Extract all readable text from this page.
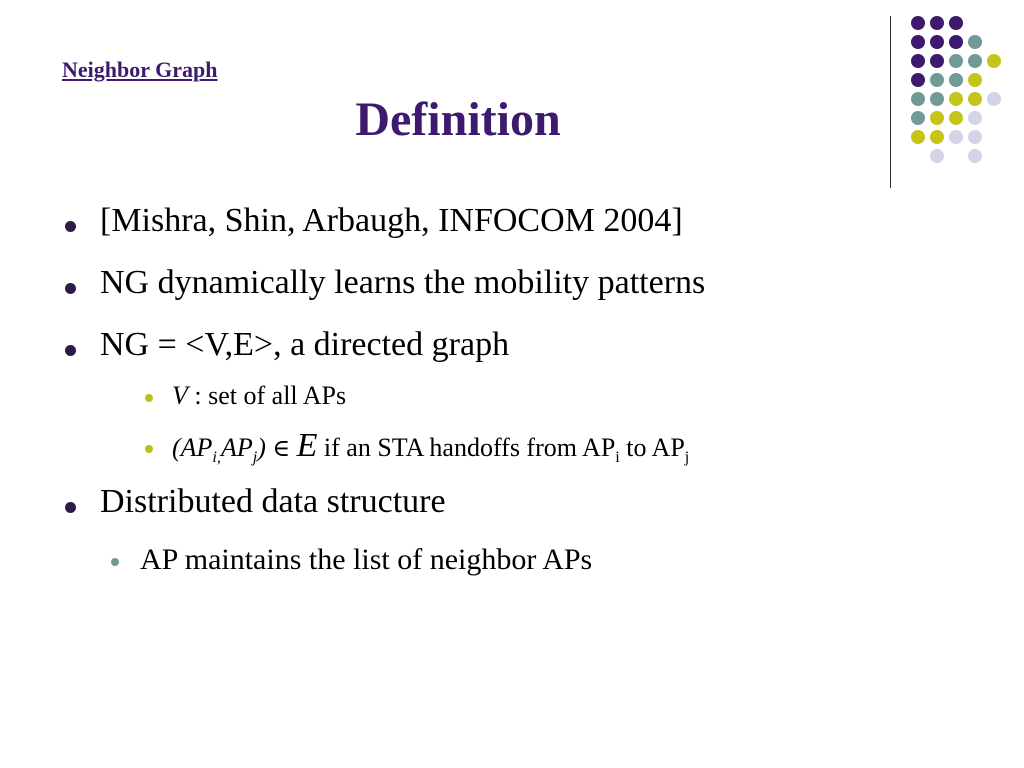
Neighbor Graph
Definition
[Mishra, Shin, Arbaugh, INFOCOM 2004]
NG dynamically learns the mobility patterns
NG = <V,E>, a directed graph
V : set of all APs
$(AP_{i,}AP_j)$ ∈ E if an STA handoffs from $AP_i$ to $AP_j$
Distributed data structure
AP maintains the list of neighbor APs
